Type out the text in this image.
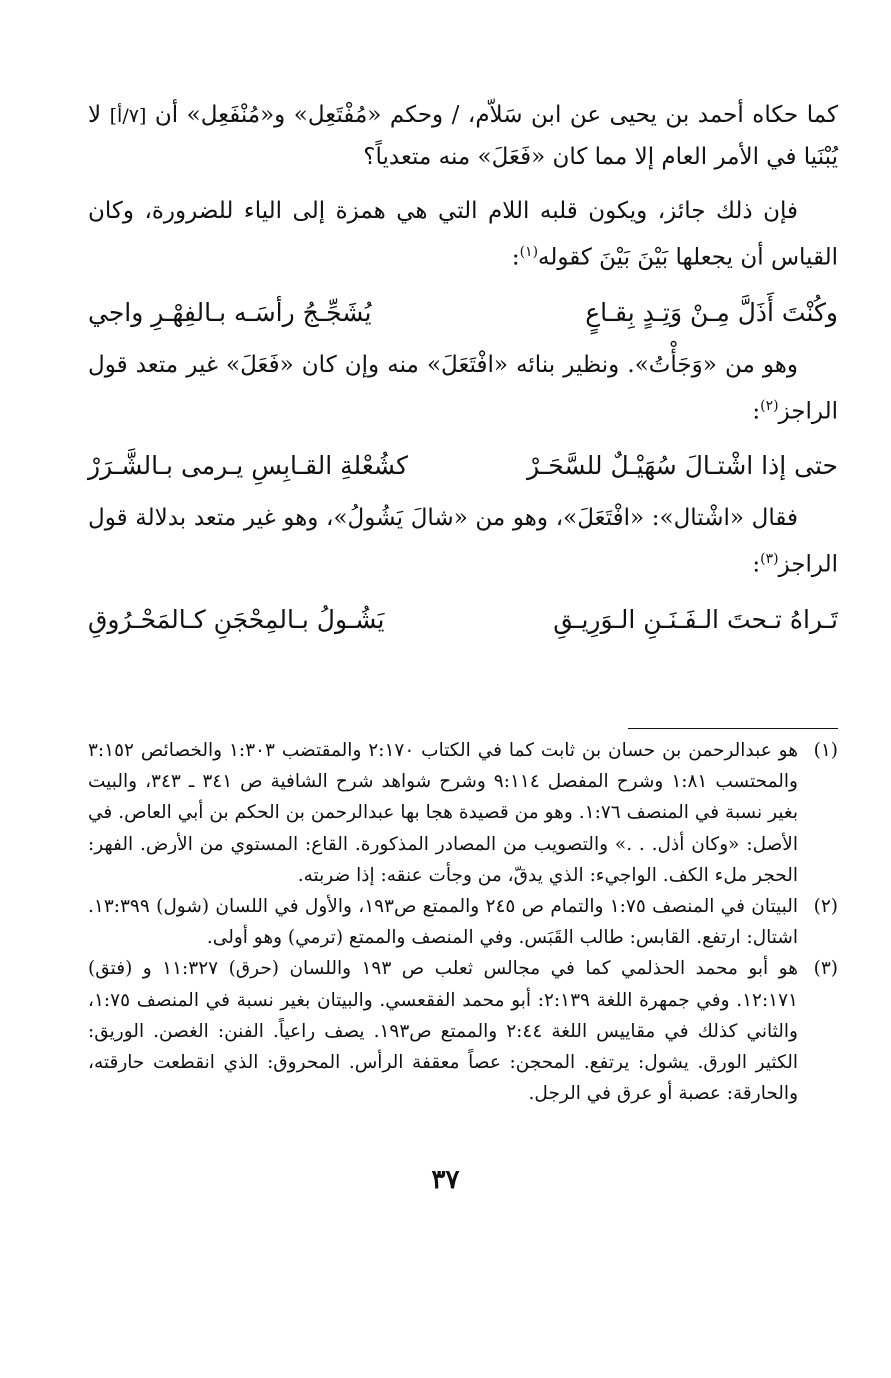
كما حكاه أحمد بن يحيى عن ابن سَلاّم، / وحكم «مُفْتَعِل» و«مُنْفَعِل» أن [٧/أ] لا يُبْنَيا في الأمر العام إلا مما كان «فَعَلَ» منه متعدياً؟

فإن ذلك جائز، ويكون قلبه اللام التي هي همزة إلى الياء للضرورة، وكان القياس أن يجعلها بَيْنَ بَيْنَ كقوله$^{(١)}$:

وكُنْتَ أَذَلَّ مِـنْ وَتِـدٍ بِقـاعٍ
يُشَجِّـجُ رأسَـه بـالفِهْـرِ واجي

وهو من «وَجَأْتُ». ونظير بنائه «افْتَعَلَ» منه وإن كان «فَعَلَ» غير متعد قول الراجز$^{(٢)}$:

حتى إذا اشْتـالَ سُهَيْـلٌ للسَّحَـرْ
كشُعْلةِ القـابِسِ يـرمى بـالشَّـرَرْ

فقال «اشْتال»: «افْتَعَلَ»، وهو من «شالَ يَشُولُ»، وهو غير متعد بدلالة قول الراجز$^{(٣)}$:

تَـراهُ تـحتَ الـفَـنَـنِ الـوَرِيـقِ
يَشُـولُ بـالمِحْجَنِ كـالمَحْـرُوقِ
(١)
هو عبدالرحمن بن حسان بن ثابت كما في الكتاب ٢:١٧٠ والمقتضب ١:٣٠٣ والخصائص ٣:١٥٢ والمحتسب ١:٨١ وشرح المفصل ٩:١١٤ وشرح شواهد شرح الشافية ص ٣٤١ ـ ٣٤٣، والبيت بغير نسبة في المنصف ١:٧٦. وهو من قصيدة هجا بها عبدالرحمن بن الحكم بن أبي العاص. في الأصل: «وكان أذل. . .» والتصويب من المصادر المذكورة. القاع: المستوي من الأرض. الفهر: الحجر ملء الكف. الواجيء: الذي يدقّ، من وجأت عنقه: إذا ضربته.
(٢)
البيتان في المنصف ١:٧٥ والتمام ص ٢٤٥ والممتع ص١٩٣، والأول في اللسان (شول) ١٣:٣٩٩. اشتال: ارتفع. القابس: طالب القَبَس. وفي المنصف والممتع (ترمي) وهو أولى.
(٣)
هو أبو محمد الحذلمي كما في مجالس ثعلب ص ١٩٣ واللسان (حرق) ١١:٣٢٧ و (فتق) ١٢:١٧١. وفي جمهرة اللغة ٢:١٣٩: أبو محمد الفقعسي. والبيتان بغير نسبة في المنصف ١:٧٥، والثاني كذلك في مقاييس اللغة ٢:٤٤ والممتع ص١٩٣. يصف راعياً. الفنن: الغصن. الوريق: الكثير الورق. يشول: يرتفع. المحجن: عصاً معقفة الرأس. المحروق: الذي انقطعت حارقته، والحارقة: عصبة أو عرق في الرجل.
٣٧
